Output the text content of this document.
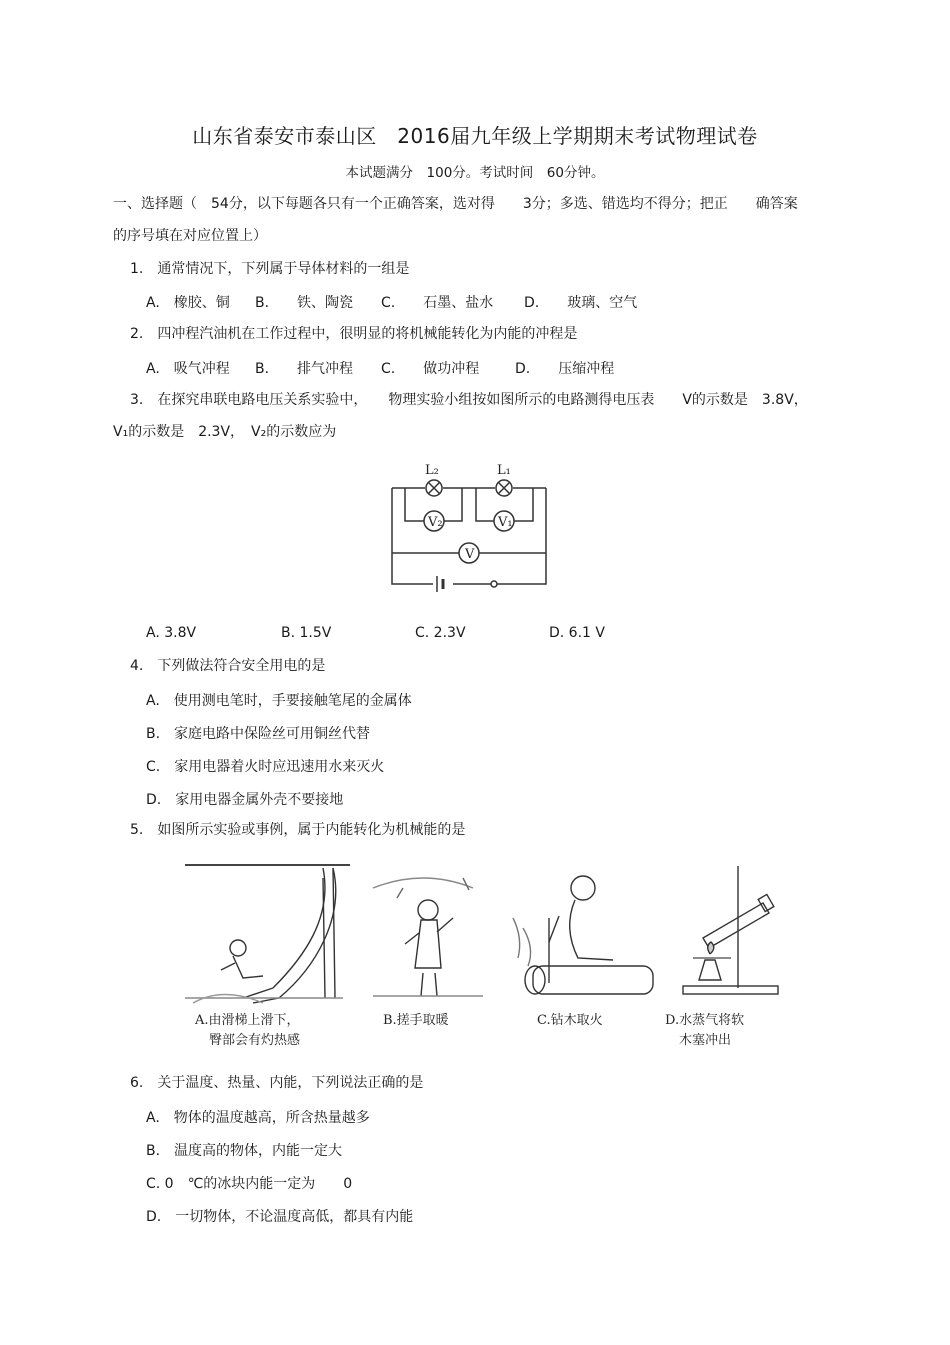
山东省泰安市泰山区　2016届九年级上学期期末考试物理试卷
本试题满分　100分。考试时间　60分钟。
一、选择题（　54分，以下每题各只有一个正确答案，选对得　　3分；多选、错选均不得分；把正　　确答案
的序号填在对应位置上）
1.　通常情况下，下列属于导体材料的一组是
A.　橡胶、铜 B.　　铁、陶瓷 C.　　石墨、盐水 D.　　玻璃、空气
2.　四冲程汽油机在工作过程中，很明显的将机械能转化为内能的冲程是
A.　吸气冲程 B.　　排气冲程 C.　　做功冲程	D.　　压缩冲程
3.　在探究串联电路电压关系实验中，　　物理实验小组按如图所示的电路测得电压表　　V的示数是　3.8V，
V₁的示数是　2.3V，　V₂的示数应为
L₂	L₁
V₂	V₁
V
A. 3.8V	B. 1.5V	C. 2.3V	D. 6.1 V
4.　下列做法符合安全用电的是
A.　使用测电笔时，手要接触笔尾的金属体
B.　家庭电路中保险丝可用铜丝代替
C.　家用电器着火时应迅速用水来灭火
D.　家用电器金属外壳不要接地
5.　如图所示实验或事例，属于内能转化为机械能的是
A.由滑梯上滑下，
臀部会有灼热感
B.搓手取暖	C.钻木取火	D.水蒸气将软
木塞冲出
6.　关于温度、热量、内能，下列说法正确的是
A.　物体的温度越高，所含热量越多
B.　温度高的物体，内能一定大
C. 0　℃的冰块内能一定为　　0
D.　一切物体，不论温度高低，都具有内能
